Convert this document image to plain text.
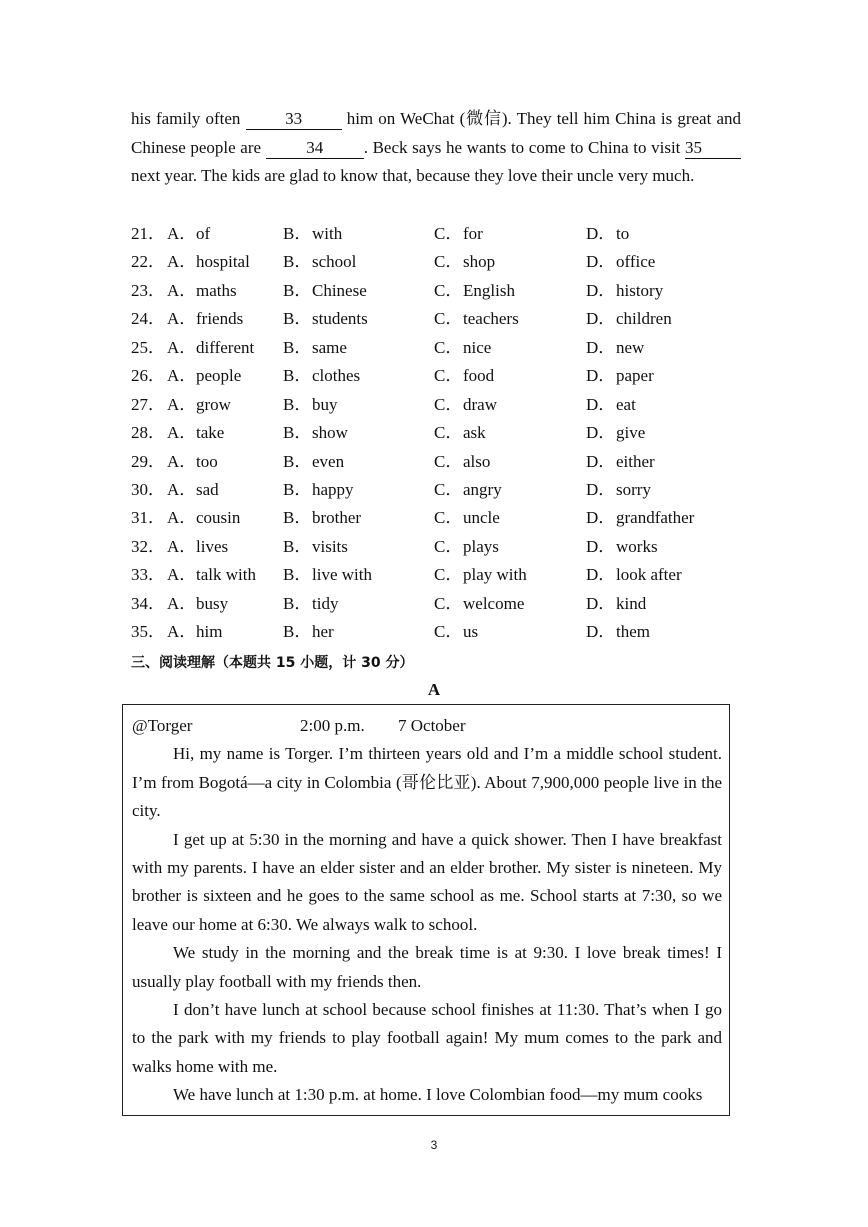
his family often	33	him on WeChat (微信). They tell him China is great and Chinese people are	34 . Beck says he wants to come to China to visit 35 next year. The kids are glad to know that, because they love their uncle very much.
21． A． of	B． with	C． for	D． to
22． A． hospital B． school	C． shop	D． office
23． A． maths	B． Chinese	C． English	D． history
24． A． friends B． students	C． teachers	D． children
25． A． different B． same	C． nice	D． new
26． A． people B． clothes	C． food	D． paper
27． A． grow	B． buy	C． draw	D． eat
28． A． take	B． show	C． ask	D． give
29． A． too	B． even	C． also	D． either
30． A． sad	B． happy	C． angry	D． sorry
31． A． cousin	B． brother	C． uncle	D． grandfather
32． A． lives	B． visits	C． plays	D． works
33． A． talk with B． live with	C． play with	D． look after
34． A． busy	B． tidy	C． welcome	D． kind
35． A． him	B． her	C． us	D． them
三、阅读理解（本题共 15 小题，计 30 分）
A
@Torger	2:00 p.m. 7 October

Hi, my name is Torger. I’m thirteen years old and I’m a middle school student. I’m from Bogotá—a city in Colombia (哥伦比亚). About 7,900,000 people live in the city.

I get up at 5:30 in the morning and have a quick shower. Then I have breakfast with my parents. I have an elder sister and an elder brother. My sister is nineteen. My brother is sixteen and he goes to the same school as me. School starts at 7:30, so we leave our home at 6:30. We always walk to school.

We study in the morning and the break time is at 9:30. I love break times! I usually play football with my friends then.

I don’t have lunch at school because school finishes at 11:30. That’s when I go to the park with my friends to play football again! My mum comes to the park and walks home with me.

We have lunch at 1:30 p.m. at home. I love Colombian food—my mum cooks

3
